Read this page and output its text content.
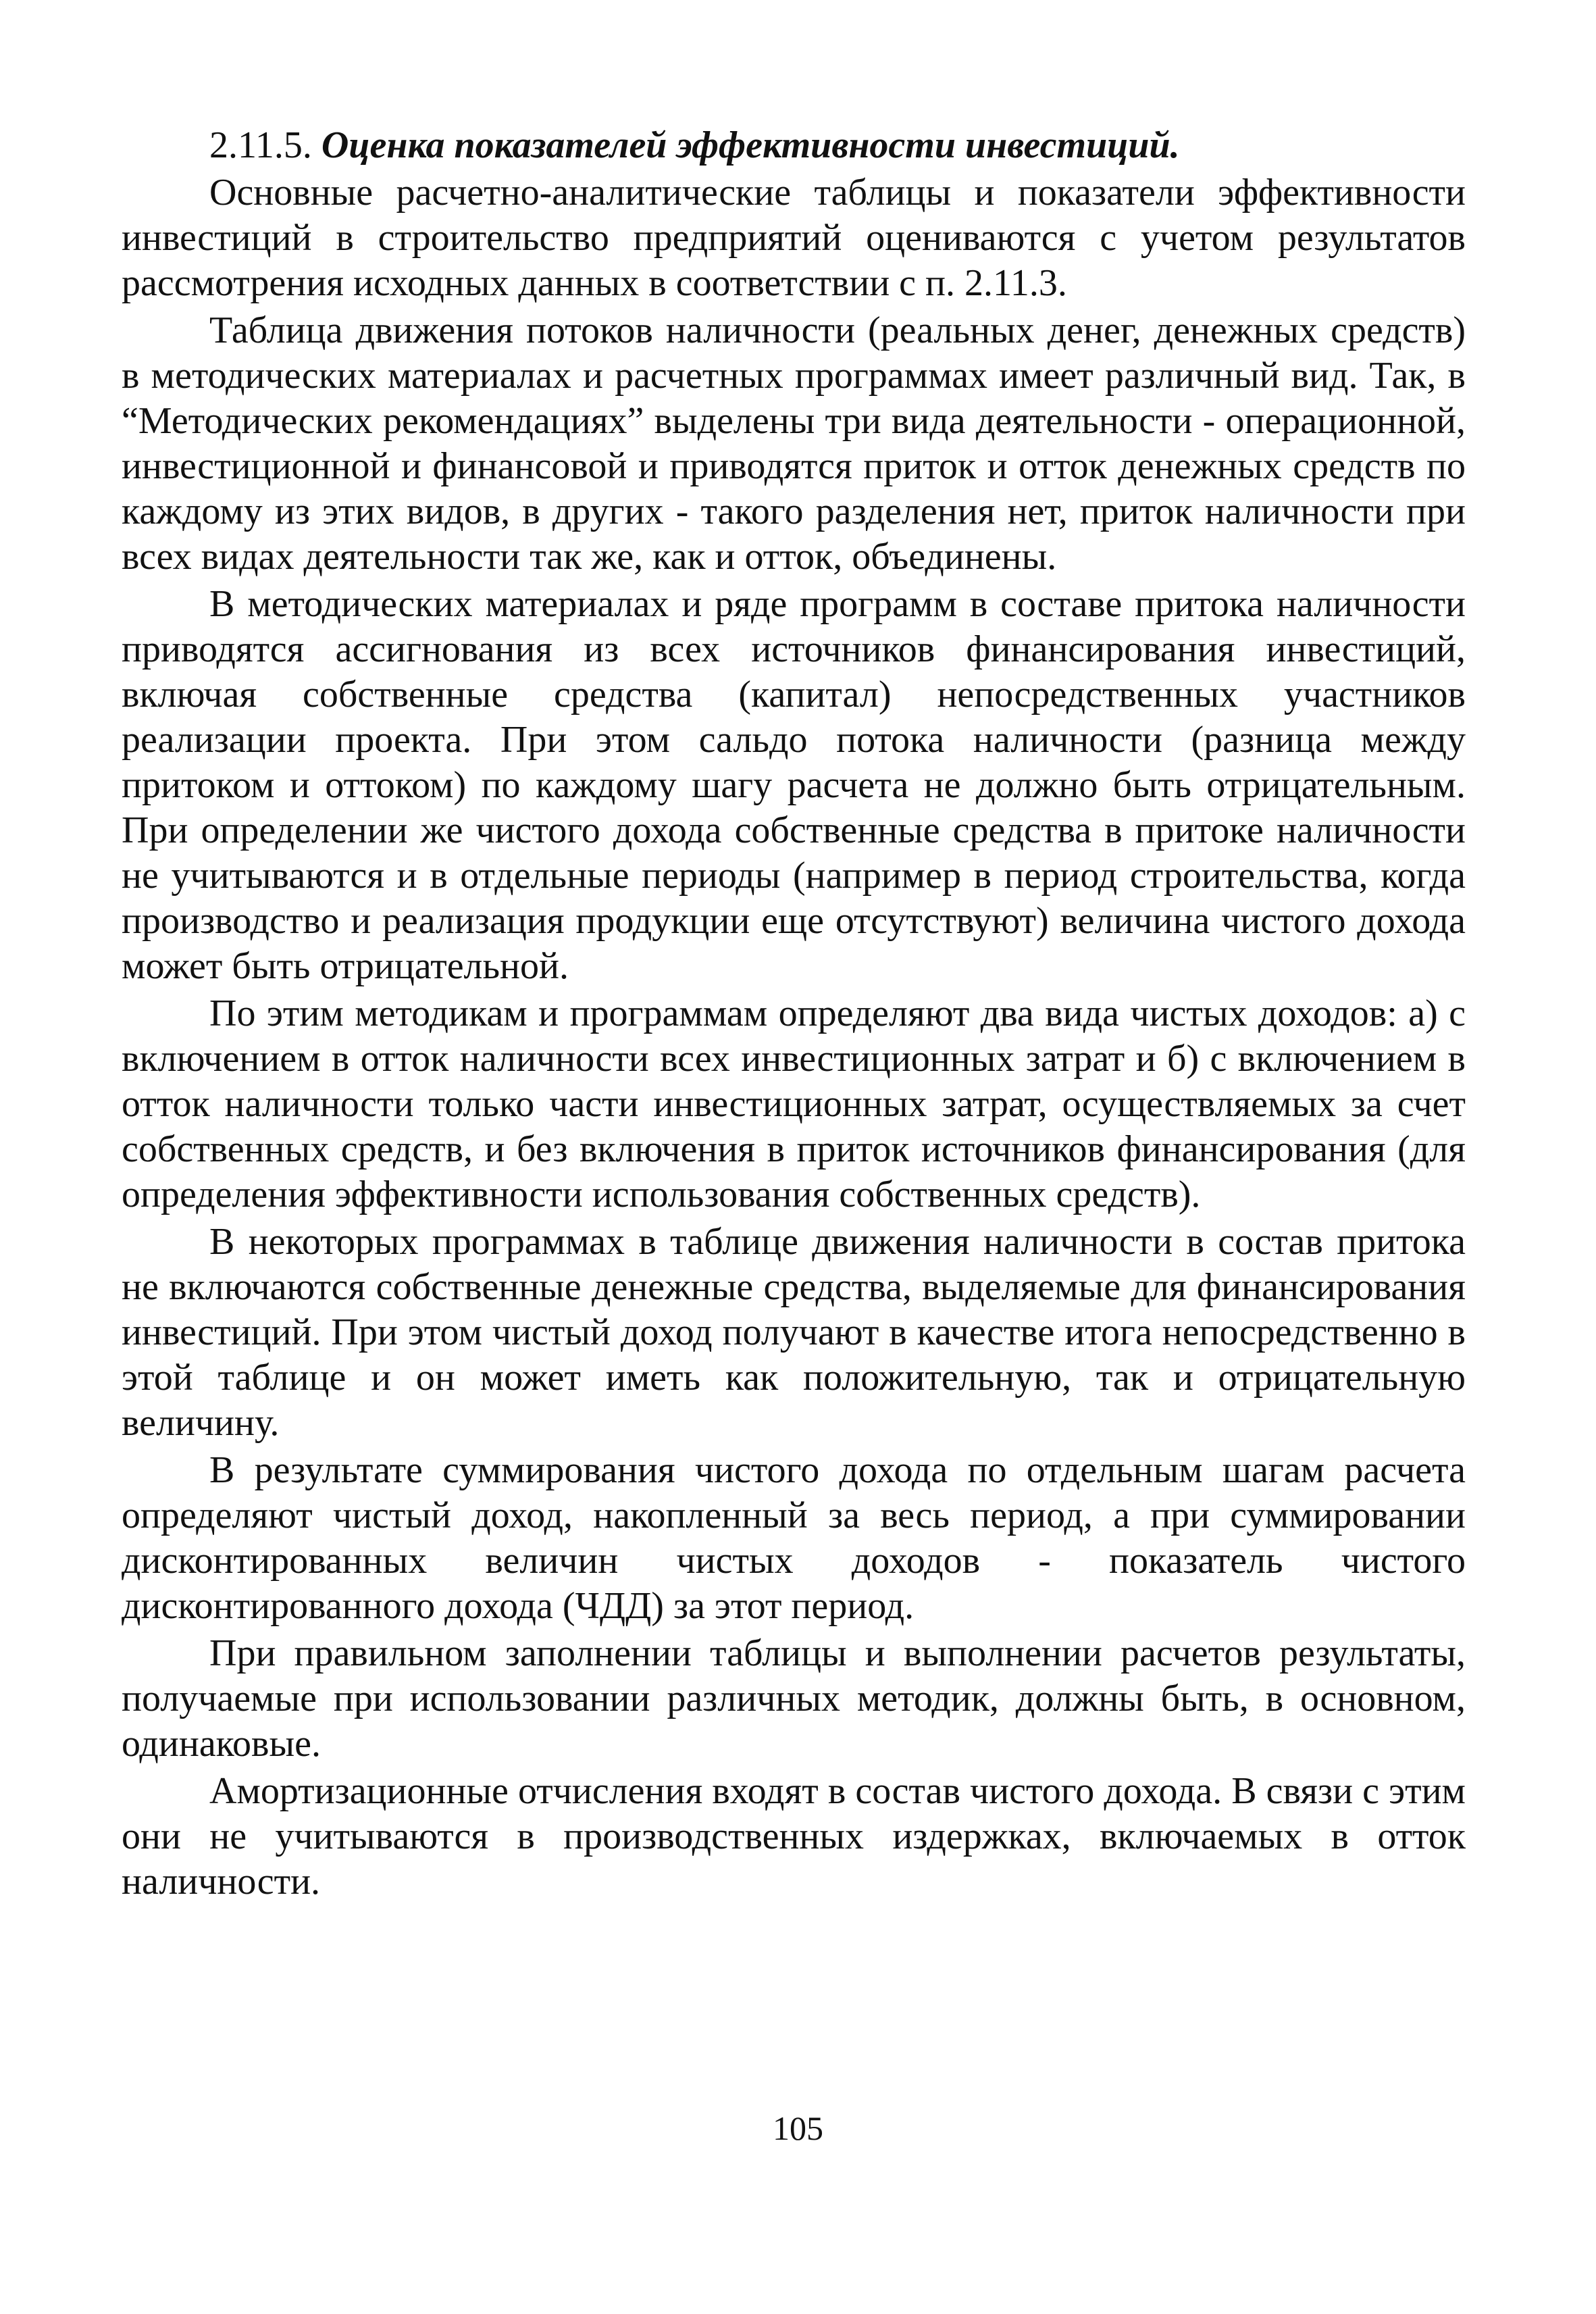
2.11.5. Оценка показателей эффективности инвестиций.

Основные расчетно-аналитические таблицы и показатели эффективности инвестиций в строительство предприятий оцениваются с учетом результатов рассмотрения исходных данных в соответствии с п. 2.11.3.

Таблица движения потоков наличности (реальных денег, денежных средств) в методических материалах и расчетных программах имеет различный вид. Так, в “Методических рекомендациях” выделены три вида деятельности - операционной, инвестиционной и финансовой и приводятся приток и отток денежных средств по каждому из этих видов, в других - такого разделения нет, приток наличности при всех видах деятельности так же, как и отток, объединены.

В методических материалах и ряде программ в составе притока наличности приводятся ассигнования из всех источников финансирования инвестиций, включая собственные средства (капитал) непосредственных участников реализации проекта. При этом сальдо потока наличности (разница между притоком и оттоком) по каждому шагу расчета не должно быть отрицательным. При определении же чистого дохода собственные средства в притоке наличности не учитываются и в отдельные периоды (например в период строительства, когда производство и реализация продукции еще отсутствуют) величина чистого дохода может быть отрицательной.

По этим методикам и программам определяют два вида чистых доходов: а) с включением в отток наличности всех инвестиционных затрат и б) с включением в отток наличности только части инвестиционных затрат, осуществляемых за счет собственных средств, и без включения в приток источников финансирования (для определения эффективности использования собственных средств).

В некоторых программах в таблице движения наличности в состав притока не включаются собственные денежные средства, выделяемые для финансирования инвестиций. При этом чистый доход получают в качестве итога непосредственно в этой таблице и он может иметь как положительную, так и отрицательную величину.

В результате суммирования чистого дохода по отдельным шагам расчета определяют чистый доход, накопленный за весь период, а при суммировании дисконтированных величин чистых доходов - показатель чистого дисконтированного дохода (ЧДД) за этот период.

При правильном заполнении таблицы и выполнении расчетов результаты, получаемые при использовании различных методик, должны быть, в основном, одинаковые.

Амортизационные отчисления входят в состав чистого дохода. В связи с этим они не учитываются в производственных издержках, включаемых в отток наличности.

105
